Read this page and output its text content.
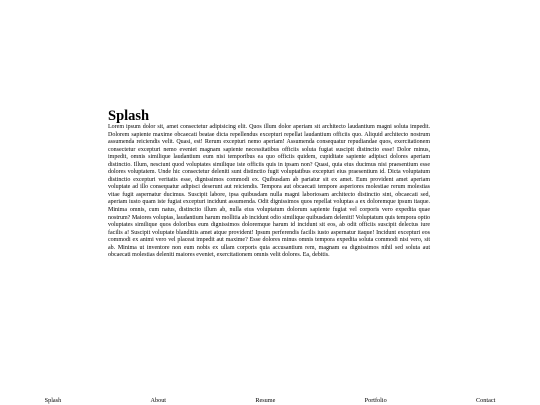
Splash

Lorem ipsum dolor sit, amet consectetur adipisicing elit. Quos illum dolor aperiam sit architecto laudantium magni soluta impedit. Dolorem sapiente maxime obcaecati beatae dicta repellendus excepturi repellat laudantium officiis quo. Aliquid architecto nostrum assumenda reiciendis velit. Quasi, est! Rerum excepturi nemo aperiam! Assumenda consequatur repudiandae quos, exercitationem consectetur excepturi nemo eveniet magnam sapiente necessitatibus officiis soluta fugiat suscipit distinctio esse! Dolor minus, impedit, omnis similique laudantium eum nisi temporibus ea quo officiis quidem, cupiditate sapiente adipisci dolores aperiam distinctio. Illum, nesciunt quod voluptates similique iste officiis quis in ipsam non? Quasi, quia eius ducimus nisi praesentium esse dolores voluptatem. Unde hic consectetur deleniti sunt distinctio fugit voluptatibus excepturi eius praesentium id. Dicta voluptatum distinctio excepturi veritatis esse, dignissimos commodi ex. Quibusdam ab pariatur sit ex amet. Eum provident amet aperiam voluptate ad illo consequatur adipisci deserunt aut reiciendis. Tempora aut obcaecati tempore asperiores molestiae rerum molestias vitae fugit aspernatur ducimus. Suscipit labore, ipsa quibusdam nulla magni laboriosam architecto distinctio sint, obcaecati sed, aperiam iusto quam iste fugiat excepturi incidunt assumenda. Odit dignissimos quos repellat voluptas a ex doloremque ipsum itaque. Minima omnis, cum natus, distinctio illum ab, nulla eius voluptatum dolorum sapiente fugiat vel corporis vero expedita quae nostrum? Maiores voluptas, laudantium harum mollitia ab incidunt odio similique quibusdam deleniti! Voluptatum quis tempora optio voluptates similique quos doloribus eum dignissimos doloremque harum id incidunt sit eos, ab odit officiis suscipit delectus iure facilis a! Suscipit voluptate blanditiis amet atque provident! Ipsum perferendis facilis iusto aspernatur itaque! Incidunt excepturi eos commodi ex animi vero vel placeat impedit aut maxime? Esse dolores minus omnis tempora expedita soluta commodi nisi vero, sit ab. Minima ut inventore non eum nobis ex ullam corporis quia accusantium rem, magnam ea dignissimos nihil sed soluta aut obcaecati molestias deleniti maiores eveniet, exercitationem omnis velit dolores. Ea, debitis.

Splash	About	Resume	Portfolio	Contact
